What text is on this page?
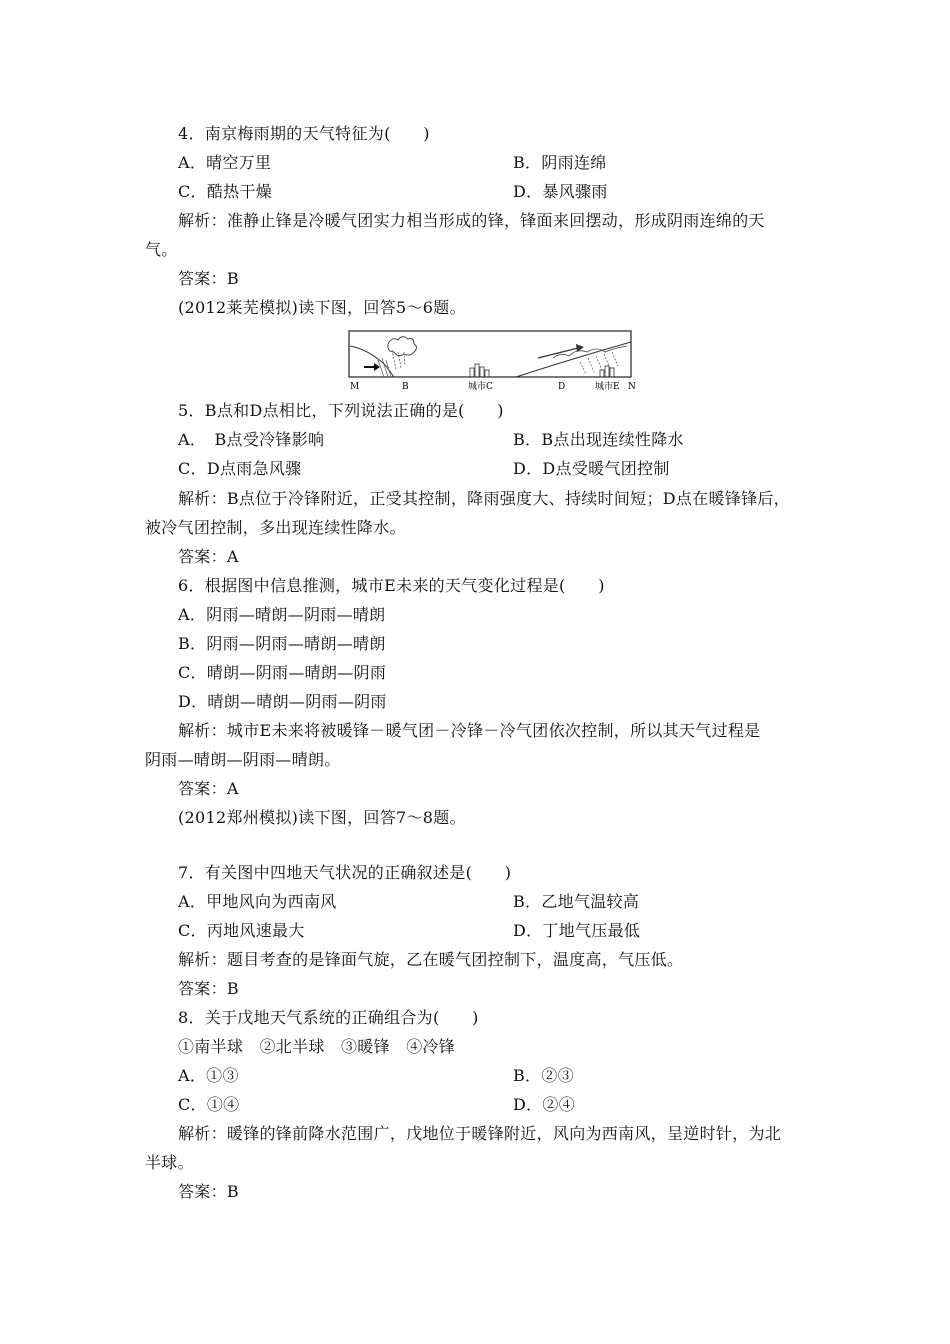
4．南京梅雨期的天气特征为(　　)
A．晴空万里	B．阴雨连绵
C．酷热干燥	D．暴风骤雨
解析：准静止锋是冷暖气团实力相当形成的锋，锋面来回摆动，形成阴雨连绵的天
气。
答案：B
(2012莱芜模拟)读下图，回答5～6题。
M	B	城市C	D	城市E N
5．B点和D点相比，下列说法正确的是(　　)
A．　B点受冷锋影响	B．B点出现连续性降水
C．D点雨急风骤	D．D点受暖气团控制
解析：B点位于冷锋附近，正受其控制，降雨强度大、持续时间短；D点在暖锋锋后，
被冷气团控制，多出现连续性降水。
答案：A
6．根据图中信息推测，城市E未来的天气变化过程是(　　)
A．阴雨—晴朗—阴雨—晴朗
B．阴雨—阴雨—晴朗—晴朗
C．晴朗—阴雨—晴朗—阴雨
D．晴朗—晴朗—阴雨—阴雨
解析：城市E未来将被暖锋－暖气团－冷锋－冷气团依次控制，所以其天气过程是
阴雨—晴朗—阴雨—晴朗。
答案：A
(2012郑州模拟)读下图，回答7～8题。
7．有关图中四地天气状况的正确叙述是(　　)
A．甲地风向为西南风	B．乙地气温较高
C．丙地风速最大	D．丁地气压最低
解析：题目考查的是锋面气旋，乙在暖气团控制下，温度高，气压低。
答案：B
8．关于戊地天气系统的正确组合为(　　)
①南半球　②北半球　③暖锋　④冷锋
A．①③	B．②③
C．①④	D．②④
解析：暖锋的锋前降水范围广，戊地位于暖锋附近，风向为西南风，呈逆时针，为北
半球。
答案：B
